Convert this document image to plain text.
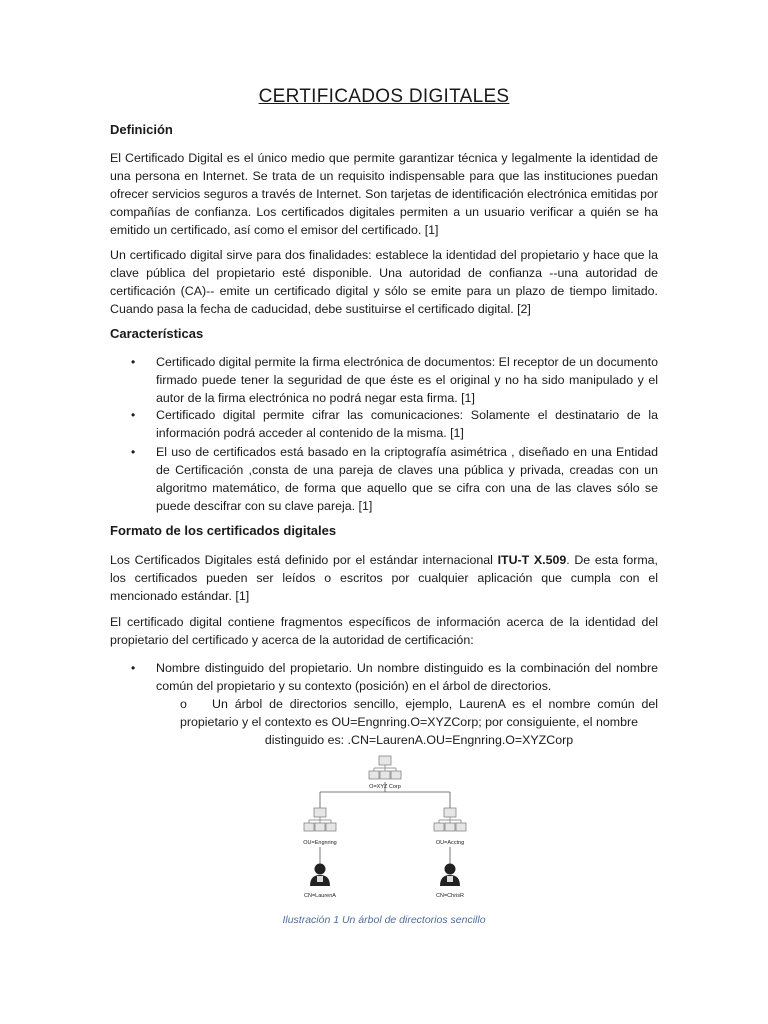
CERTIFICADOS DIGITALES
Definición
El Certificado Digital es el único medio que permite garantizar técnica y legalmente la identidad de una persona en Internet. Se trata de un requisito indispensable para que las instituciones puedan ofrecer servicios seguros a través de Internet. Son tarjetas de identificación electrónica emitidas por compañías de confianza. Los certificados digitales permiten a un usuario verificar a quién se ha emitido un certificado, así como el emisor del certificado. [1]
Un certificado digital sirve para dos finalidades: establece la identidad del propietario y hace que la clave pública del propietario esté disponible. Una autoridad de confianza --una autoridad de certificación (CA)-- emite un certificado digital y sólo se emite para un plazo de tiempo limitado. Cuando pasa la fecha de caducidad, debe sustituirse el certificado digital. [2]
Características
•	Certificado digital permite la firma electrónica de documentos: El receptor de un documento firmado puede tener la seguridad de que éste es el original y no ha sido manipulado y el autor de la firma electrónica no podrá negar esta firma. [1]
•	Certificado digital permite cifrar las comunicaciones: Solamente el destinatario de la información podrá acceder al contenido de la misma. [1]
•	El uso de certificados está basado en la criptografía asimétrica , diseñado en una Entidad de Certificación ,consta de una pareja de claves una pública y privada, creadas con un algoritmo matemático, de forma que aquello que se cifra con una de las claves sólo se puede descifrar con su clave pareja. [1]
Formato de los certificados digitales
Los Certificados Digitales está definido por el estándar internacional ITU-T X.509. De esta forma, los certificados pueden ser leídos o escritos por cualquier aplicación que cumpla con el mencionado estándar. [1]
El certificado digital contiene fragmentos específicos de información acerca de la identidad del propietario del certificado y acerca de la autoridad de certificación:
•	Nombre distinguido del propietario. Un nombre distinguido es la combinación del nombre común del propietario y su contexto (posición) en el árbol de directorios.
o Un árbol de directorios sencillo, ejemplo, LaurenA es el nombre común del propietario y el contexto es OU=Engnring.O=XYZCorp; por consiguiente, el nombre
distinguido es: .CN=LaurenA.OU=Engnring.O=XYZCorp
O=XYZ Corp
OU=Engnring	OU=Acctng
CN=LaurenA	CN=ChrisR
Ilustración 1 Un árbol de directorios sencillo
